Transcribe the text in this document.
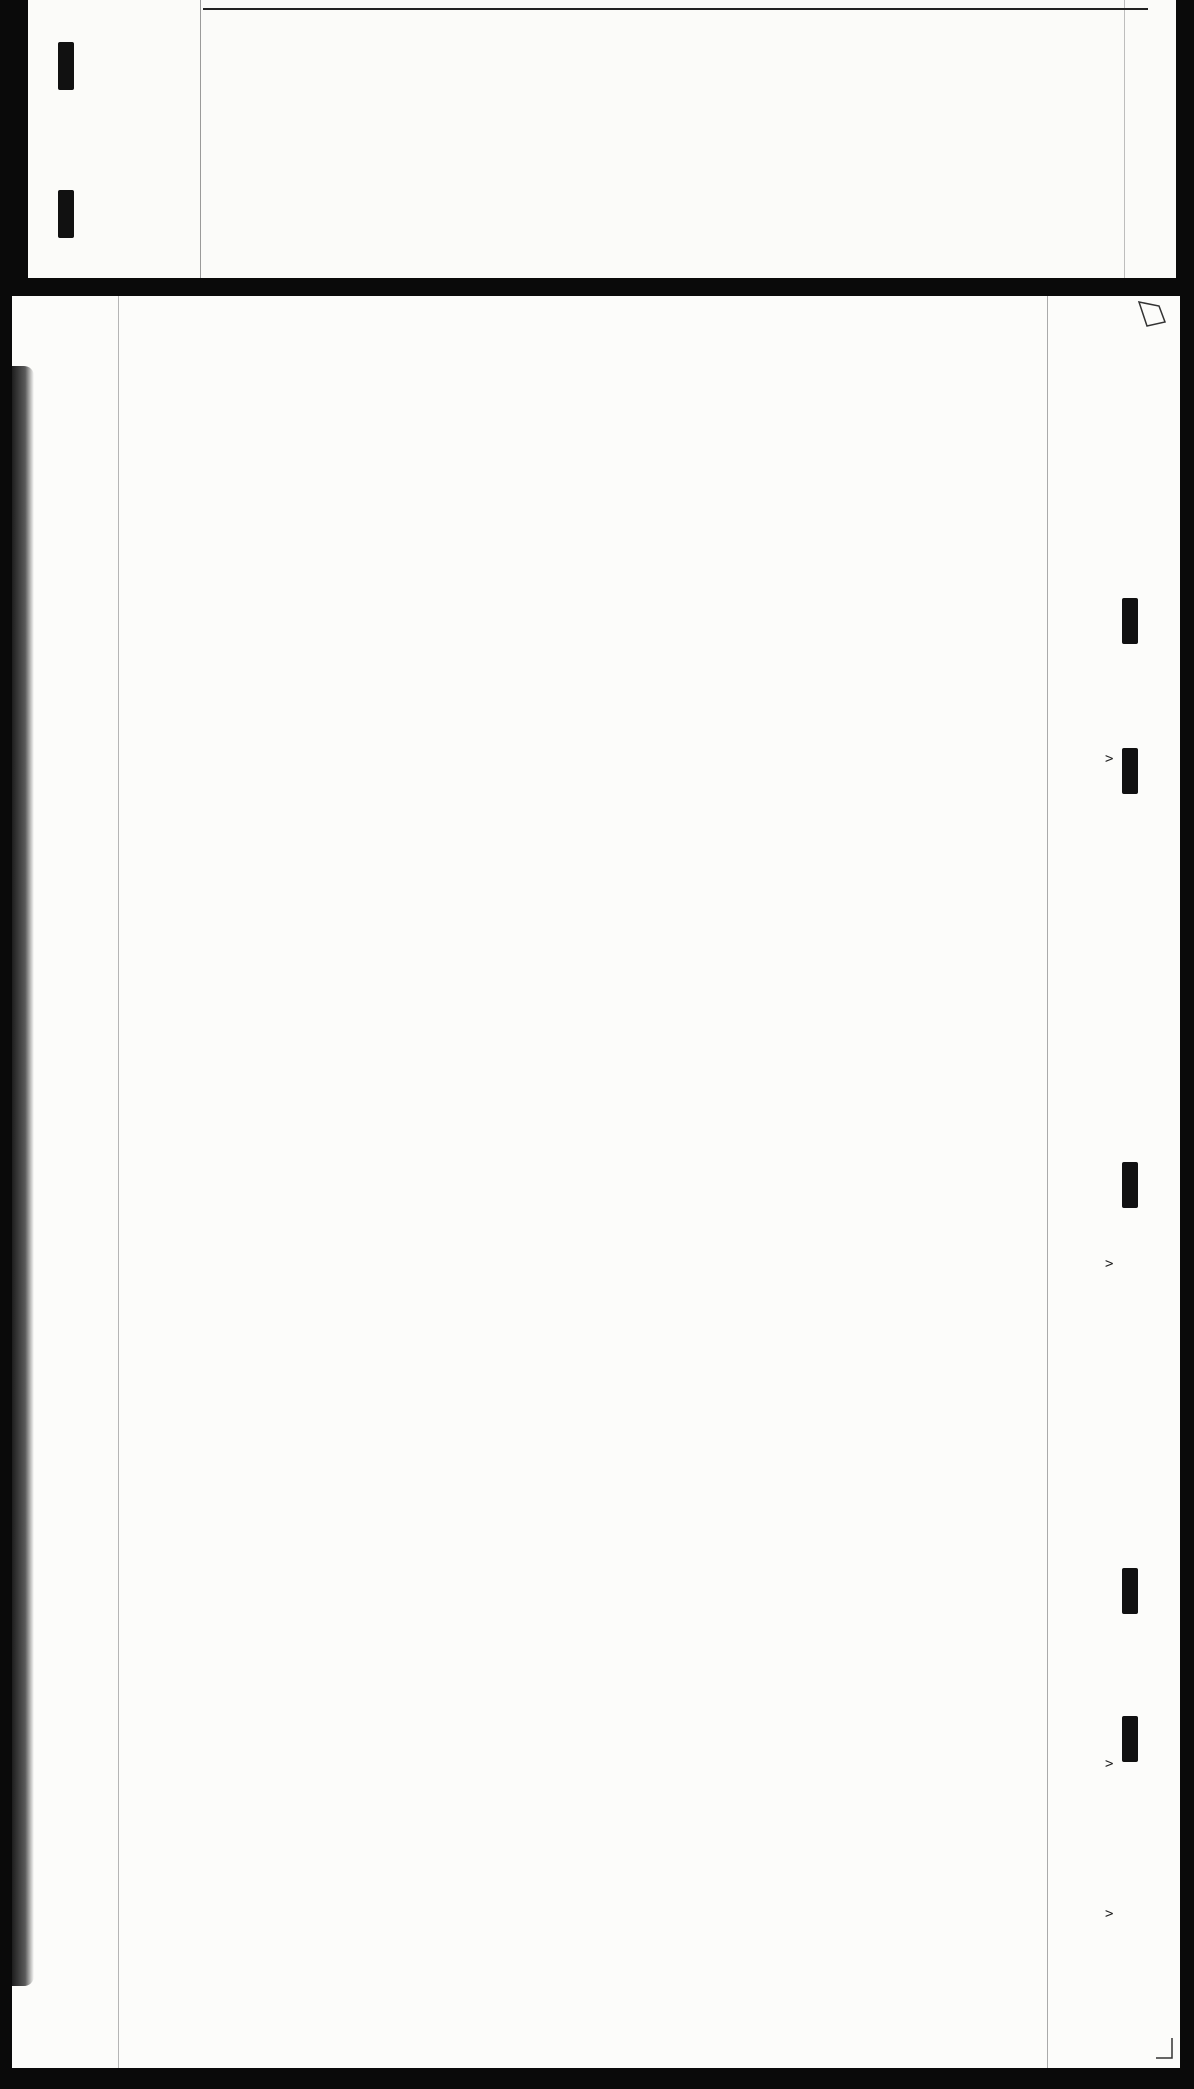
>
>
>
>
